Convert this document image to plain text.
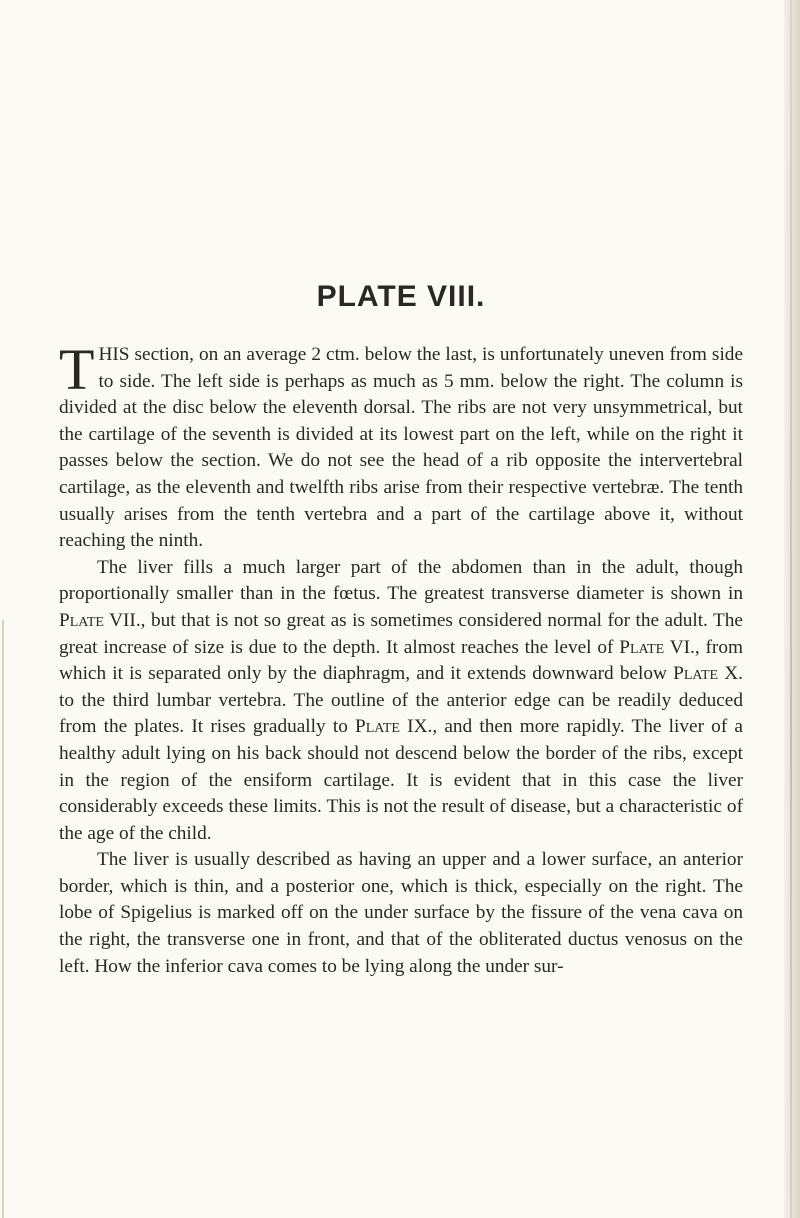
PLATE VIII.

THIS section, on an average 2 ctm. below the last, is unfortunately uneven from side to side. The left side is perhaps as much as 5 mm. below the right. The column is divided at the disc below the eleventh dorsal. The ribs are not very unsymmetrical, but the cartilage of the seventh is divided at its lowest part on the left, while on the right it passes below the section. We do not see the head of a rib opposite the intervertebral cartilage, as the eleventh and twelfth ribs arise from their respective vertebræ. The tenth usually arises from the tenth vertebra and a part of the cartilage above it, without reaching the ninth.

The liver fills a much larger part of the abdomen than in the adult, though proportionally smaller than in the fœtus. The greatest transverse diameter is shown in Plate VII., but that is not so great as is sometimes considered normal for the adult. The great increase of size is due to the depth. It almost reaches the level of Plate VI., from which it is separated only by the diaphragm, and it extends downward below Plate X. to the third lumbar vertebra. The outline of the anterior edge can be readily deduced from the plates. It rises gradually to Plate IX., and then more rapidly. The liver of a healthy adult lying on his back should not descend below the border of the ribs, except in the region of the ensiform cartilage. It is evident that in this case the liver considerably exceeds these limits. This is not the result of disease, but a characteristic of the age of the child.

The liver is usually described as having an upper and a lower surface, an anterior border, which is thin, and a posterior one, which is thick, especially on the right. The lobe of Spigelius is marked off on the under surface by the fissure of the vena cava on the right, the transverse one in front, and that of the obliterated ductus venosus on the left. How the inferior cava comes to be lying along the under sur-
